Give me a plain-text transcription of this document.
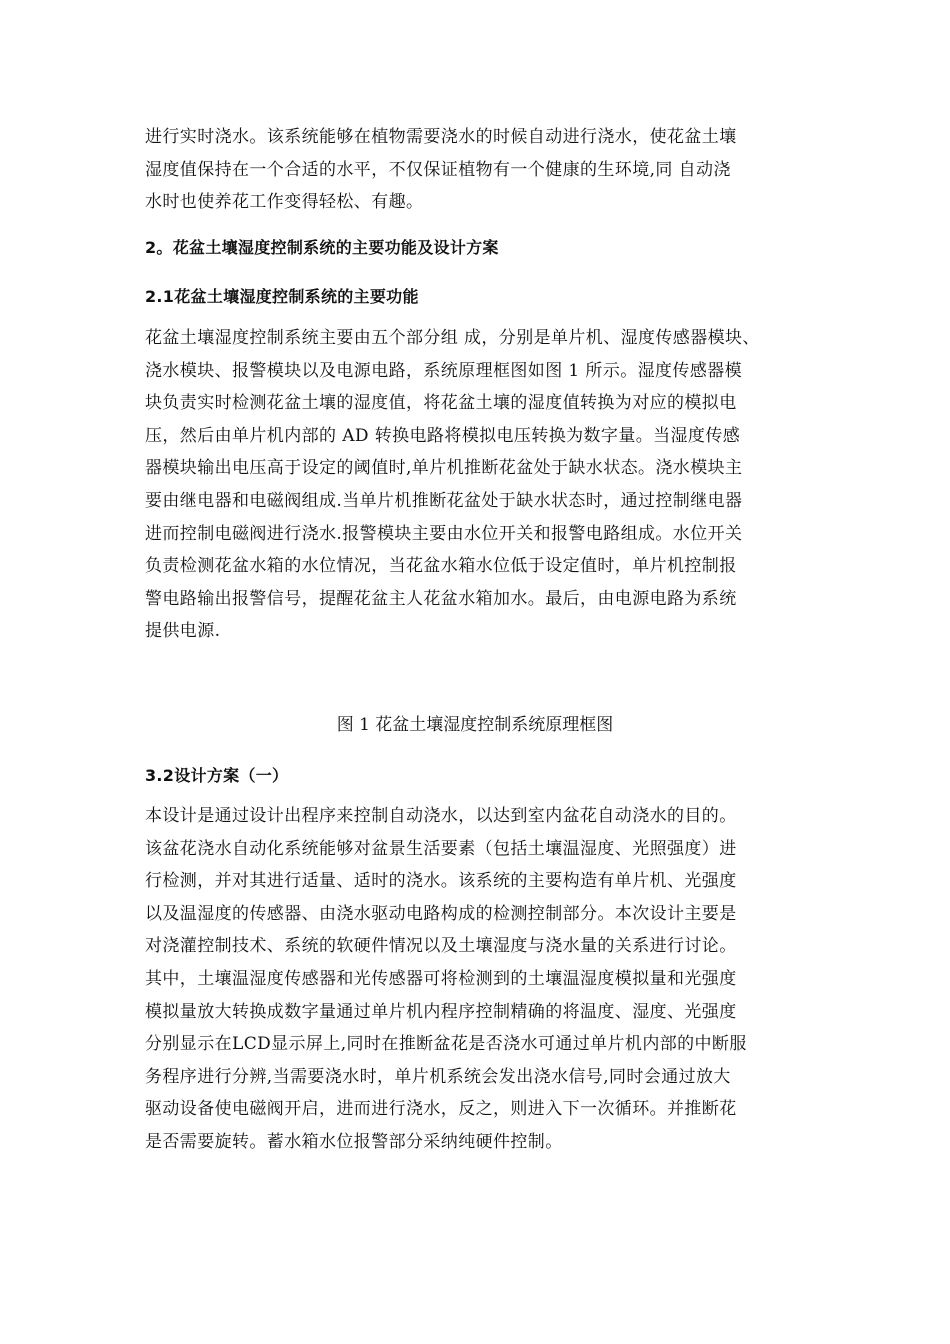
进行实时浇水。该系统能够在植物需要浇水的时候自动进行浇水，使花盆土壤
湿度值保持在一个合适的水平，不仅保证植物有一个健康的生环境,同 自动浇
水时也使养花工作变得轻松、有趣。
2。花盆土壤湿度控制系统的主要功能及设计方案
2.1花盆土壤湿度控制系统的主要功能
花盆土壤湿度控制系统主要由五个部分组 成，分别是单片机、湿度传感器模块、
浇水模块、报警模块以及电源电路，系统原理框图如图 1 所示。湿度传感器模
块负责实时检测花盆土壤的湿度值，将花盆土壤的湿度值转换为对应的模拟电
压，然后由单片机内部的 AD 转换电路将模拟电压转换为数字量。当湿度传感
器模块输出电压高于设定的阈值时,单片机推断花盆处于缺水状态。浇水模块主
要由继电器和电磁阀组成.当单片机推断花盆处于缺水状态时，通过控制继电器
进而控制电磁阀进行浇水.报警模块主要由水位开关和报警电路组成。水位开关
负责检测花盆水箱的水位情况，当花盆水箱水位低于设定值时，单片机控制报
警电路输出报警信号，提醒花盆主人花盆水箱加水。最后，由电源电路为系统
提供电源.

图 1 花盆土壤湿度控制系统原理框图

3.2设计方案（一）
本设计是通过设计出程序来控制自动浇水，以达到室内盆花自动浇水的目的。
该盆花浇水自动化系统能够对盆景生活要素（包括土壤温湿度、光照强度）进
行检测，并对其进行适量、适时的浇水。该系统的主要构造有单片机、光强度
以及温湿度的传感器、由浇水驱动电路构成的检测控制部分。本次设计主要是
对浇灌控制技术、系统的软硬件情况以及土壤湿度与浇水量的关系进行讨论。
其中，土壤温湿度传感器和光传感器可将检测到的土壤温湿度模拟量和光强度
模拟量放大转换成数字量通过单片机内程序控制精确的将温度、湿度、光强度
分别显示在LCD显示屏上,同时在推断盆花是否浇水可通过单片机内部的中断服
务程序进行分辨,当需要浇水时，单片机系统会发出浇水信号,同时会通过放大
驱动设备使电磁阀开启，进而进行浇水，反之，则进入下一次循环。并推断花
是否需要旋转。蓄水箱水位报警部分采纳纯硬件控制。
